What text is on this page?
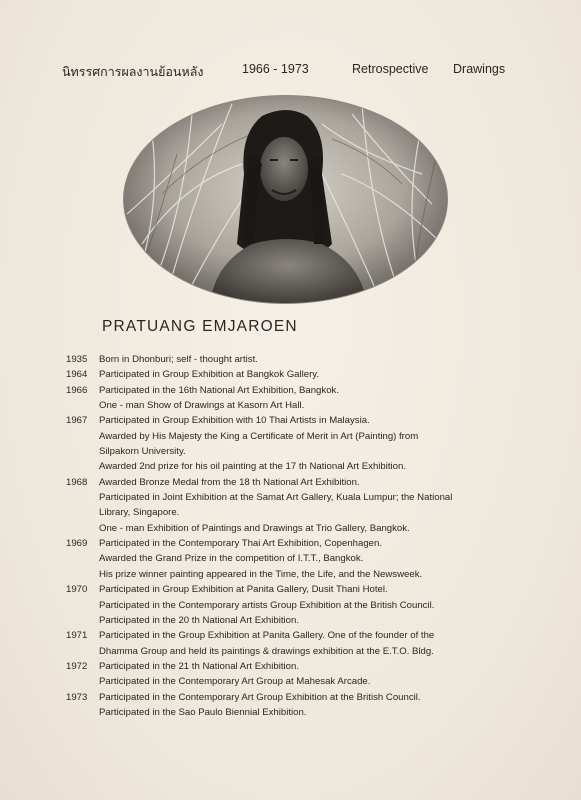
นิทรรศการผลงานย้อนหลัง	1966 - 1973	Retrospective Drawings
PRATUANG EMJAROEN
1935	Born in Dhonburi; self - thought artist.
1964	Participated in Group Exhibition at Bangkok Gallery.
1966	Participated in the 16th National Art Exhibition, Bangkok.
One - man Show of Drawings at Kasorn Art Hall.
1967	Participated in Group Exhibition with 10 Thai Artists in Malaysia.
Awarded by His Majesty the King a Certificate of Merit in Art (Painting) from
Silpakorn University.
Awarded 2nd prize for his oil painting at the 17 th National Art Exhibition.
1968	Awarded Bronze Medal from the 18 th National Art Exhibition.
Participated in Joint Exhibition at the Samat Art Gallery, Kuala Lumpur; the National
Library, Singapore.
One - man Exhibition of Paintings and Drawings at Trio Gallery, Bangkok.
1969	Participated in the Contemporary Thai Art Exhibition, Copenhagen.
Awarded the Grand Prize in the competition of I.T.T., Bangkok.
His prize winner painting appeared in the Time, the Life, and the Newsweek.
1970	Participated in Group Exhibition at Panita Gallery, Dusit Thani Hotel.
Participated in the Contemporary artists Group Exhibition at the British Council.
Participated in the 20 th National Art Exhibition.
1971	Participated in the Group Exhibition at Panita Gallery. One of the founder of the
Dhamma Group and held its paintings & drawings exhibition at the E.T.O. Bldg.
1972	Participated in the 21 th National Art Exhibition.
Participated in the Contemporary Art Group at Mahesak Arcade.
1973	Participated in the Contemporary Art Group Exhibition at the British Council.
Participated in the Sao Paulo Biennial Exhibition.
